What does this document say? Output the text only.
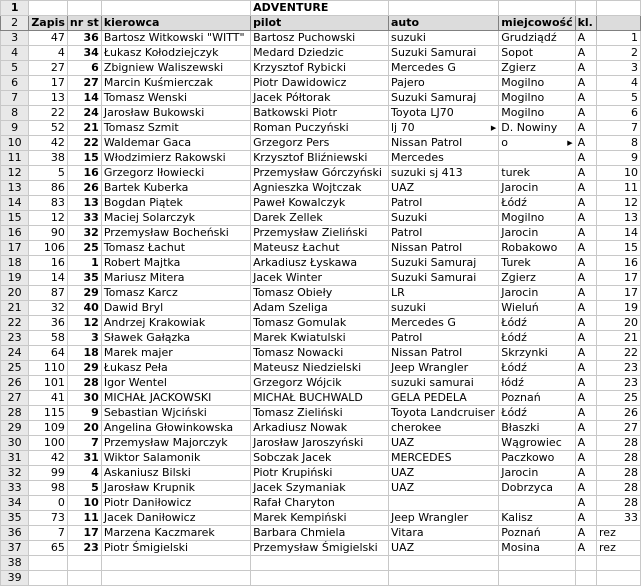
1				ADVENTURE				
2	Zapis	nr st	kierowca	pilot	auto	miejcowość	kl.	
3	47	36	Bartosz Witkowski "WITT"	Bartosz Puchowski	suzuki	Grudziądź	A	1
4	4	34	Łukasz Kołodziejczyk	Medard Dziedzic	Suzuki Samurai	Sopot	A	2
5	27	6	Zbigniew Waliszewski	Krzysztof Rybicki	Mercedes G	Zgierz	A	3
6	17	27	Marcin Kuśmierczak	Piotr Dawidowicz	Pajero	Mogilno	A	4
7	13	14	Tomasz Wenski	Jacek Półtorak	Suzuki Samuraj	Mogilno	A	5
8	22	24	Jarosław Bukowski	Batkowski Piotr	Toyota LJ70	Mogilno	A	6
9	52	21	Tomasz Szmit	Roman Puczyński	lj 70 ▶	D. Nowiny	A	7
10	42	22	Waldemar Gaca	Grzegorz Pers	Nissan Patrol	o ▶	A	8
11	38	15	Włodzimierz Rakowski	Krzysztof Bliźniewski	Mercedes		A	9
12	5	16	Grzegorz Iłowiecki	Przemysław Górczyński	suzuki sj 413	turek	A	10
13	86	26	Bartek Kuberka	Agnieszka Wojtczak	UAZ	Jarocin	A	11
14	83	13	Bogdan Piątek	Paweł Kowalczyk	Patrol	Łódź	A	12
15	12	33	Maciej Solarczyk	Darek Zellek	Suzuki	Mogilno	A	13
16	90	32	Przemysław Bocheński	Przemysław Zieliński	Patrol	Jarocin	A	14
17	106	25	Tomasz Łachut	Mateusz Łachut	Nissan Patrol	Robakowo	A	15
18	16	1	Robert Majtka	Arkadiusz Łyskawa	Suzuki Samuraj	Turek	A	16
19	14	35	Mariusz Mitera	Jacek Winter	Suzuki Samurai	Zgierz	A	17
20	87	29	Tomasz Karcz	Tomasz Obieły	LR	Jarocin	A	17
21	32	40	Dawid Bryl	Adam Szeliga	suzuki	Wieluń	A	19
22	36	12	Andrzej Krakowiak	Tomasz Gomulak	Mercedes G	Łódź	A	20
23	58	3	Sławek Gałązka	Marek Kwiatulski	Patrol	Łódź	A	21
24	64	18	Marek majer	Tomasz Nowacki	Nissan Patrol	Skrzynki	A	22
25	110	29	Łukasz Peła	Mateusz Niedzielski	Jeep Wrangler	Łódź	A	23
26	101	28	Igor Wentel	Grzegorz Wójcik	suzuki samurai	łódź	A	23
27	41	30	MICHAŁ JACKOWSKI	MICHAŁ BUCHWALD	GELA PEDELA	Poznań	A	25
28	115	9	Sebastian Wjciński	Tomasz Zieliński	Toyota Landcruiser	Łódź	A	26
29	109	20	Angelina Głowinkowska	Arkadiusz Nowak	cherokee	Błaszki	A	27
30	100	7	Przemysław Majorczyk	Jarosław Jaroszyński	UAZ	Wągrowiec	A	28
31	42	31	Wiktor Salamonik	Sobczak Jacek	MERCEDES	Paczkowo	A	28
32	99	4	Askaniusz Bilski	Piotr Krupiński	UAZ	Jarocin	A	28
33	98	5	Jarosław Krupnik	Jacek Szymaniak	UAZ	Dobrzyca	A	28
34	0	10	Piotr Daniłowicz	Rafał Charyton			A	28
35	73	11	Jacek Daniłowicz	Marek Kempiński	Jeep Wrangler	Kalisz	A	33
36	7	17	Marzena Kaczmarek	Barbara Chmiela	Vitara	Poznań	A	rez
37	65	23	Piotr Śmigielski	Przemysław Śmigielski	UAZ	Mosina	A	rez
38								
39								
